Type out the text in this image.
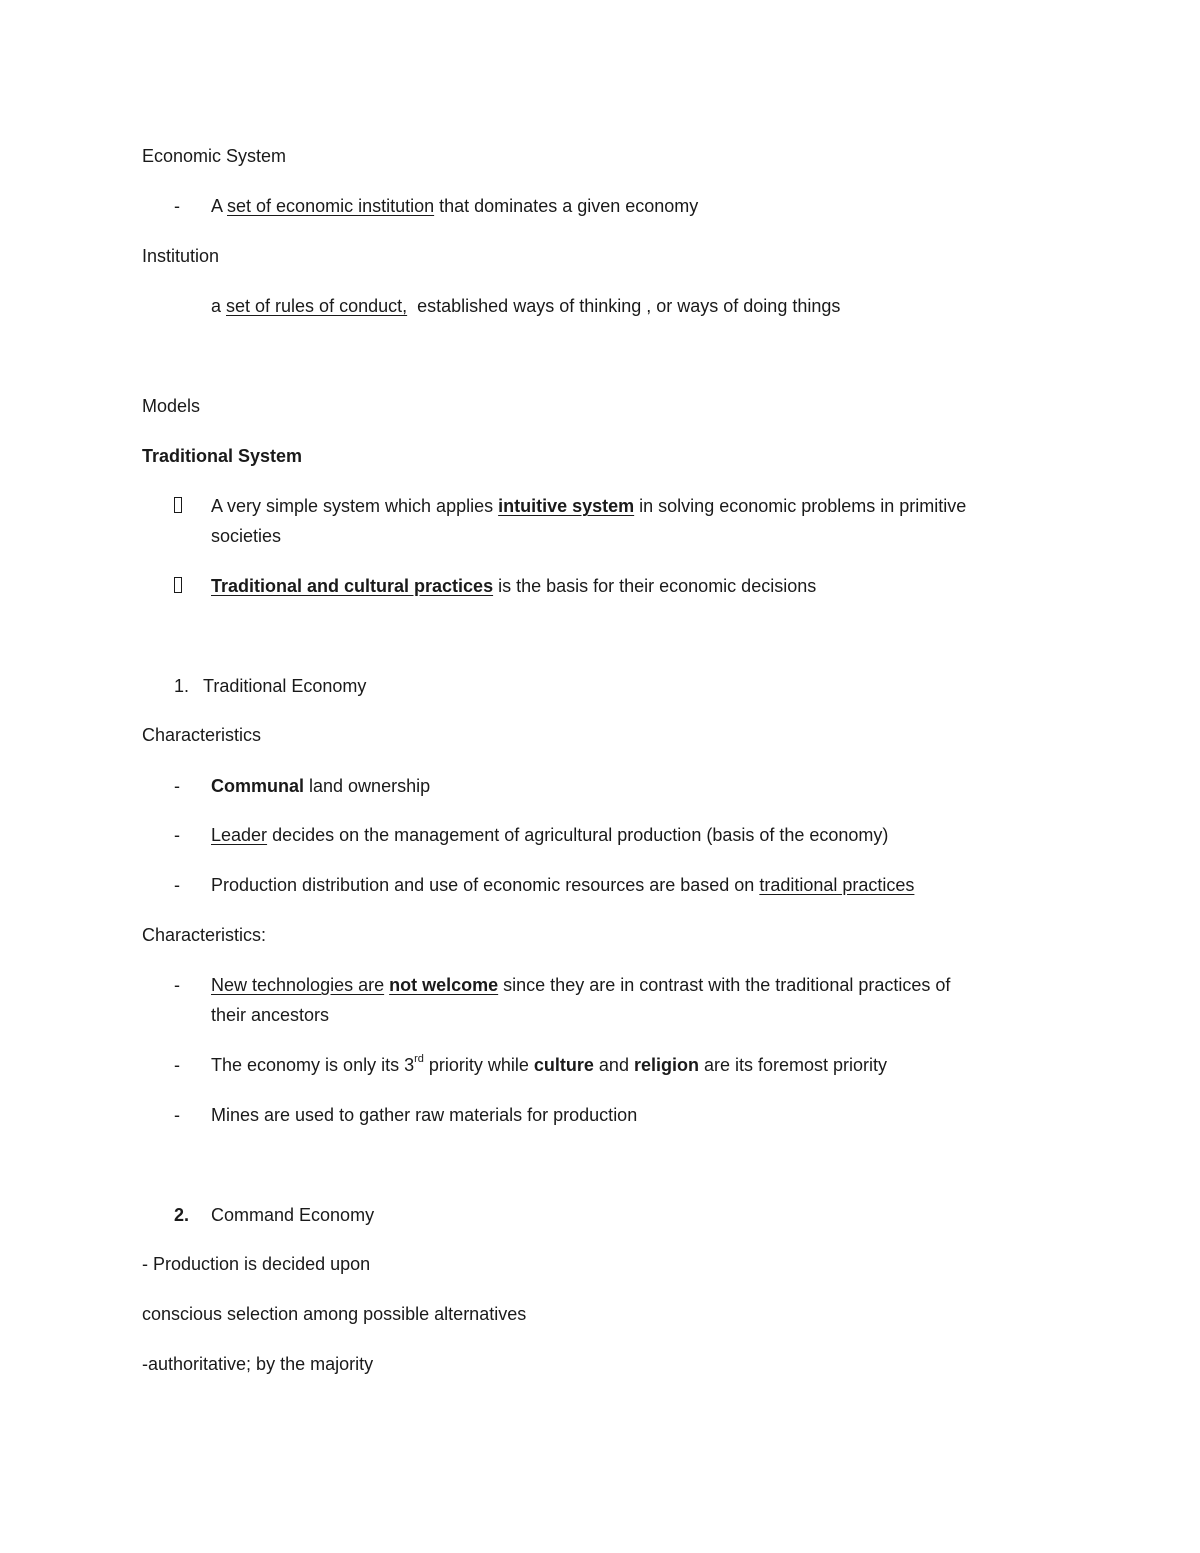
Economic System
- A set of economic institution that dominates a given economy
Institution
a set of rules of conduct,  established ways of thinking , or ways of doing things
Models
Traditional System
A very simple system which applies intuitive system in solving economic problems in primitive
societies
Traditional and cultural practices is the basis for their economic decisions
1. Traditional Economy
Characteristics
- Communal land ownership
- Leader decides on the management of agricultural production (basis of the economy)
- Production distribution and use of economic resources are based on traditional practices
Characteristics:
- New technologies are not welcome since they are in contrast with the traditional practices of
their ancestors
- The economy is only its 3rd priority while culture and religion are its foremost priority
- Mines are used to gather raw materials for production
2. Command Economy
- Production is decided upon
conscious selection among possible alternatives
-authoritative; by the majority
